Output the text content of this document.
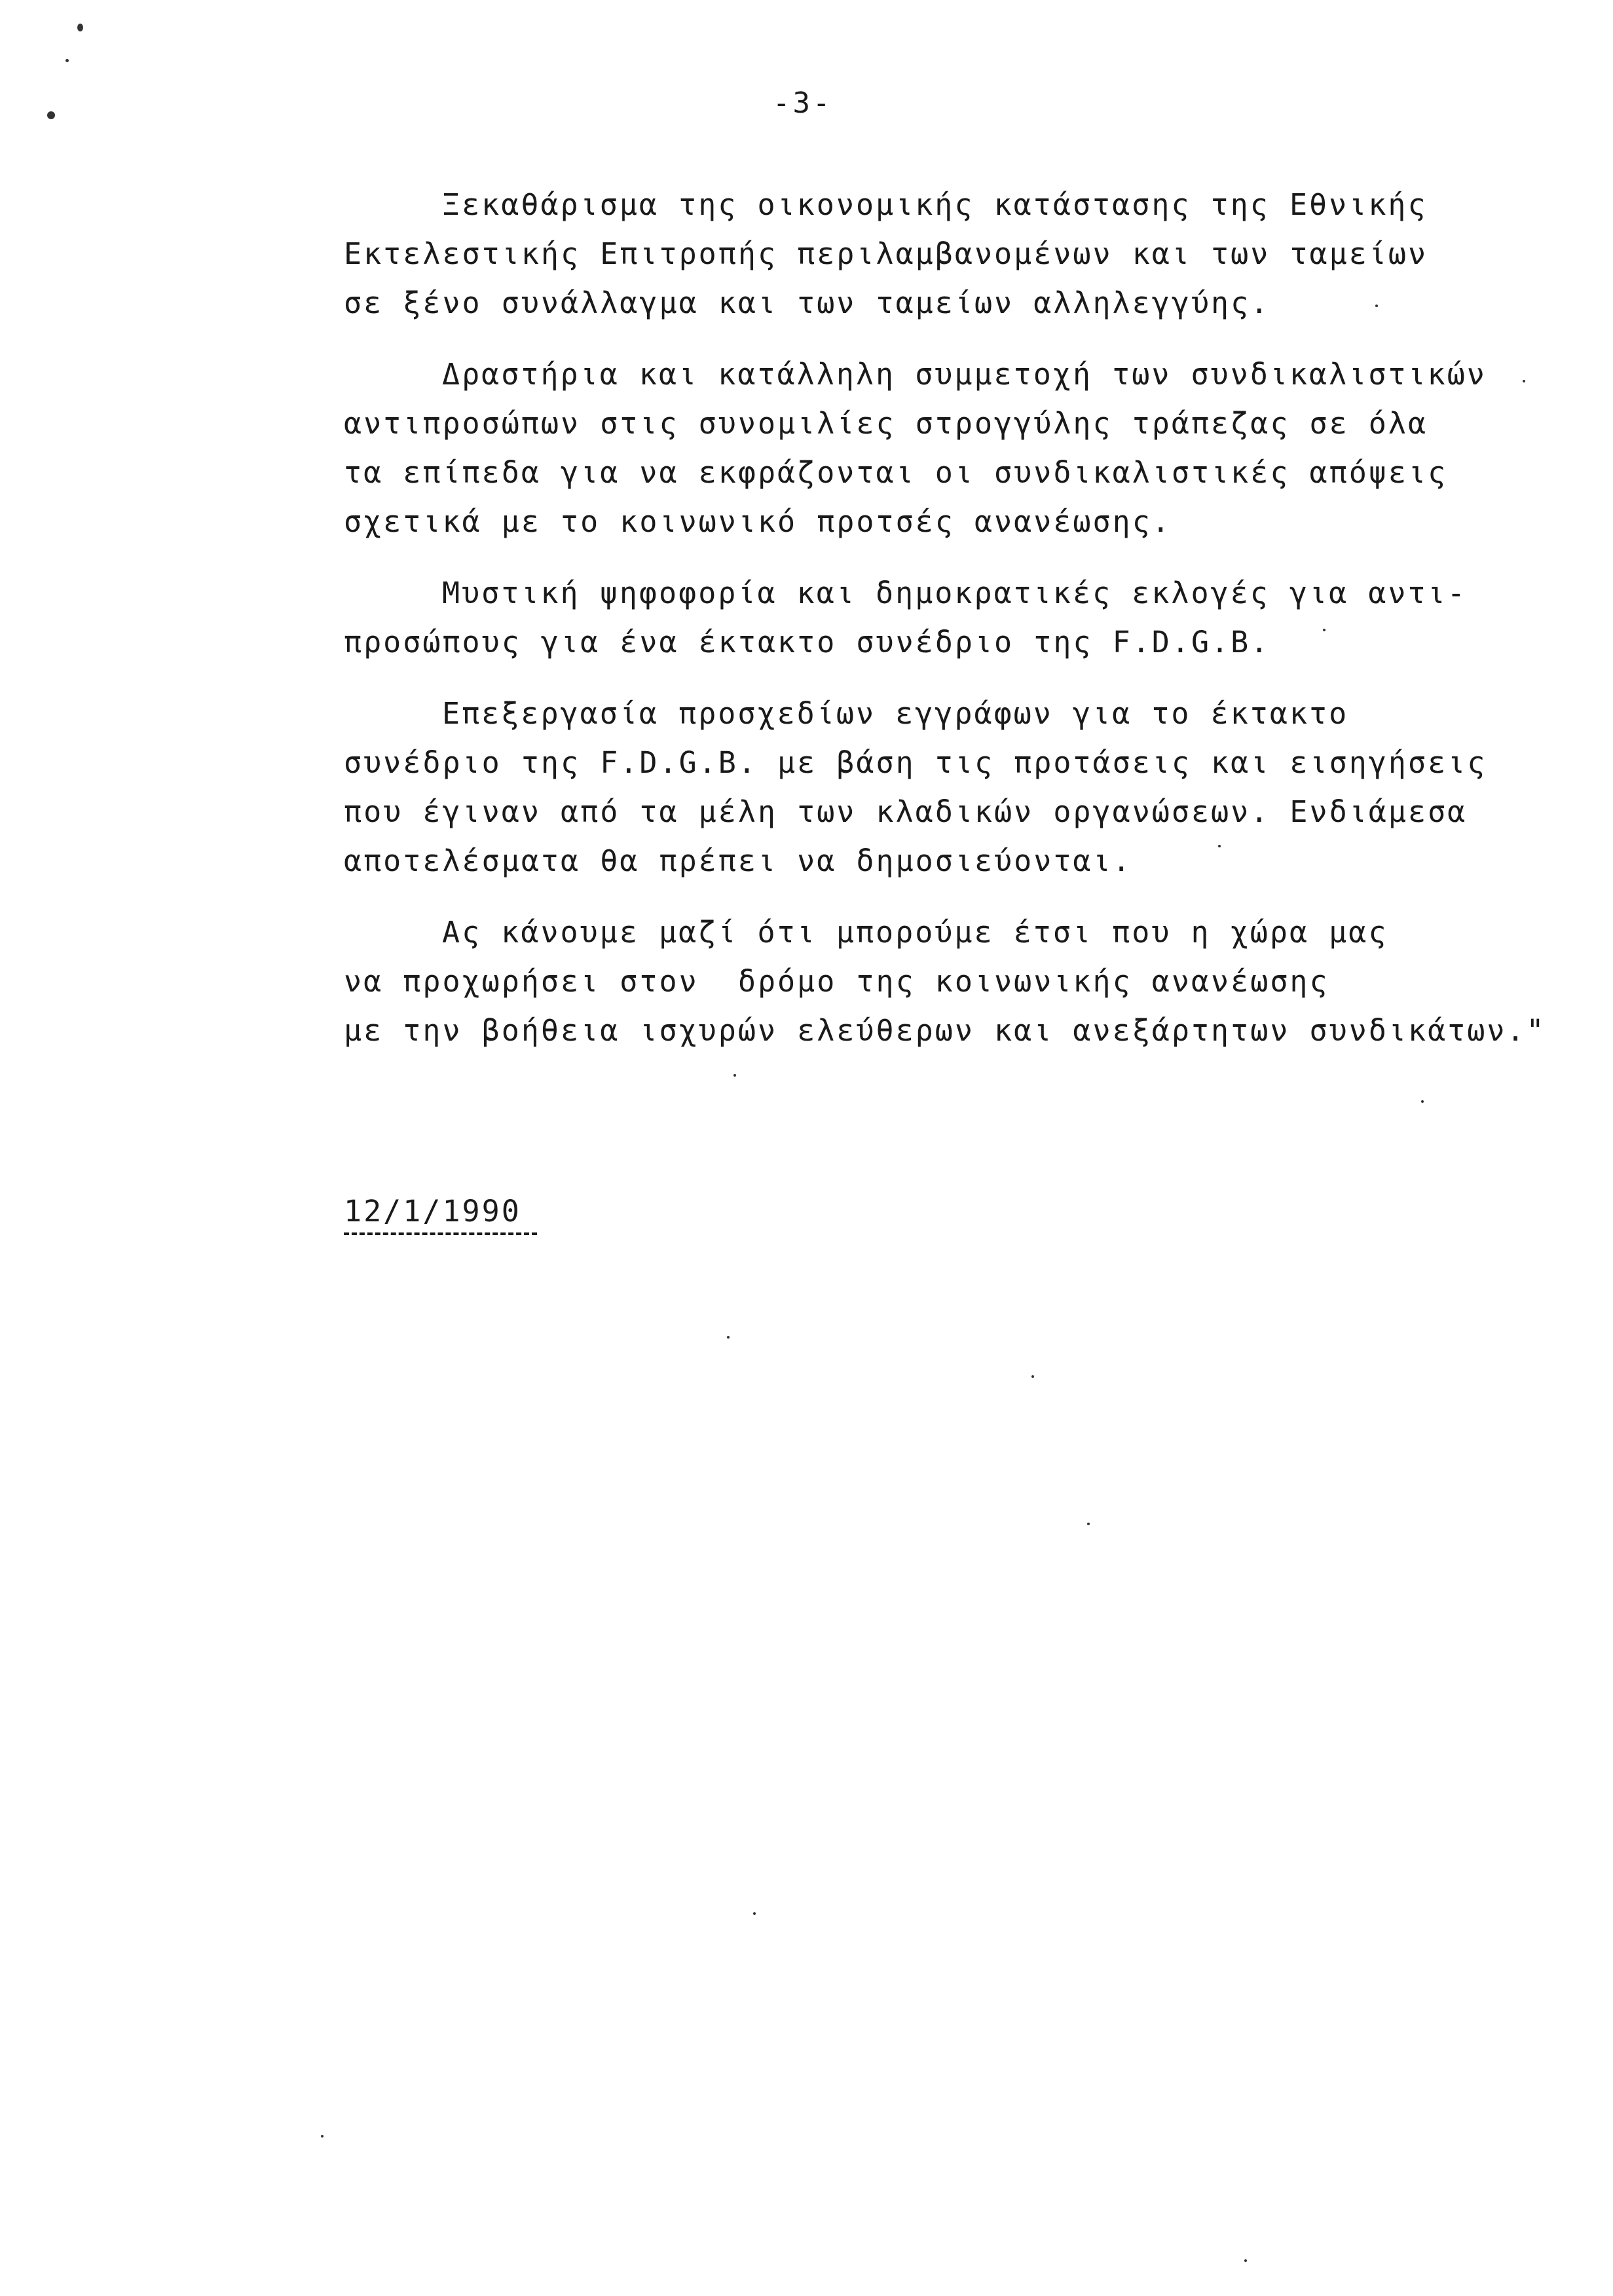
-3-
Ξεκαθάρισμα της οικονομικής κατάστασης της Εθνικής
Εκτελεστικής Επιτροπής περιλαμβανομένων και των ταμείων
σε ξένο συνάλλαγμα και των ταμείων αλληλεγγύης.
Δραστήρια και κατάλληλη συμμετοχή των συνδικαλιστικών
αντιπροσώπων στις συνομιλίες στρογγύλης τράπεζας σε όλα
τα επίπεδα για να εκφράζονται οι συνδικαλιστικές απόψεις
σχετικά με το κοινωνικό προτσές ανανέωσης.
Μυστική ψηφοφορία και δημοκρατικές εκλογές για αντι-
προσώπους για ένα έκτακτο συνέδριο της F.D.G.B.
Επεξεργασία προσχεδίων εγγράφων για το έκτακτο
συνέδριο της F.D.G.B. με βάση τις προτάσεις και εισηγήσεις
που έγιναν από τα μέλη των κλαδικών οργανώσεων. Ενδιάμεσα
αποτελέσματα θα πρέπει να δημοσιεύονται.
Ας κάνουμε μαζί ότι μπορούμε έτσι που η χώρα μας
να προχωρήσει στον  δρόμο της κοινωνικής ανανέωσης
με την βοήθεια ισχυρών ελεύθερων και ανεξάρτητων συνδικάτων."
12/1/1990
